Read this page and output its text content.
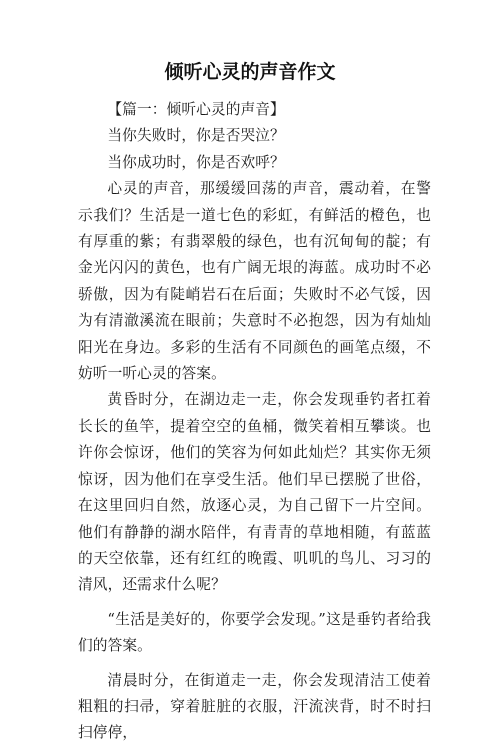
倾听心灵的声音作文

【篇一：倾听心灵的声音】

当你失败时，你是否哭泣？

当你成功时，你是否欢呼？

心灵的声音，那缓缓回荡的声音，震动着，在警示我们？生活是一道七色的彩虹，有鲜活的橙色，也有厚重的紫；有翡翠般的绿色，也有沉甸甸的靛；有金光闪闪的黄色，也有广阔无垠的海蓝。成功时不必骄傲，因为有陡峭岩石在后面；失败时不必气馁，因为有清澈溪流在眼前；失意时不必抱怨，因为有灿灿阳光在身边。多彩的生活有不同颜色的画笔点缀，不妨听一听心灵的答案。

黄昏时分，在湖边走一走，你会发现垂钓者扛着长长的鱼竿，提着空空的鱼桶，微笑着相互攀谈。也许你会惊讶，他们的笑容为何如此灿烂？其实你无须惊讶，因为他们在享受生活。他们早已摆脱了世俗，在这里回归自然，放逐心灵，为自己留下一片空间。他们有静静的湖水陪伴，有青青的草地相随，有蓝蓝的天空依靠，还有红红的晚霞、叽叽的鸟儿、习习的清风，还需求什么呢？

“生活是美好的，你要学会发现。”这是垂钓者给我们的答案。

清晨时分，在街道走一走，你会发现清洁工使着粗粗的扫帚，穿着脏脏的衣服，汗流浃背，时不时扫扫停停，
